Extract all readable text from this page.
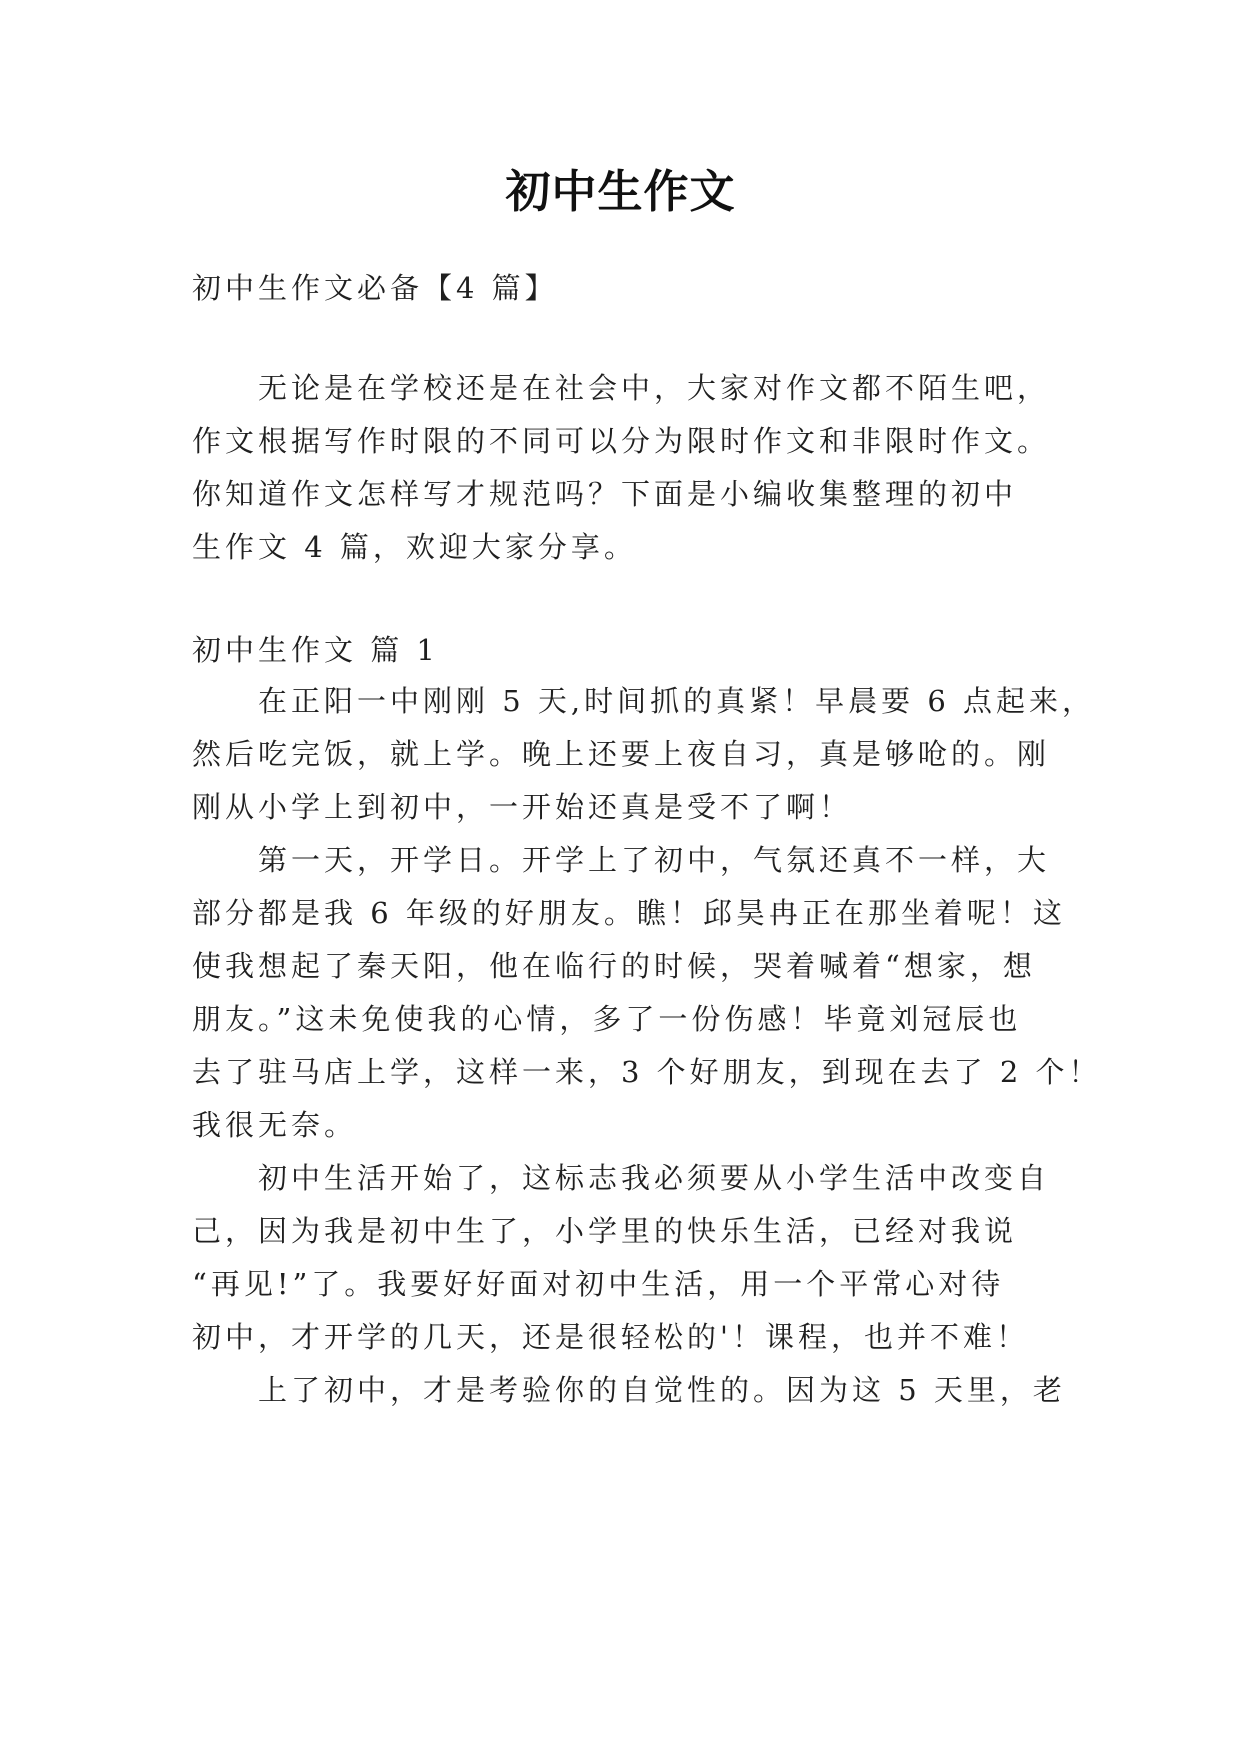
初中生作文
初中生作文必备【4 篇】
　　无论是在学校还是在社会中，大家对作文都不陌生吧，
作文根据写作时限的不同可以分为限时作文和非限时作文。
你知道作文怎样写才规范吗？下面是小编收集整理的初中
生作文 4 篇，欢迎大家分享。
初中生作文 篇 1
　　在正阳一中刚刚 5 天,时间抓的真紧！早晨要 6 点起来，
然后吃完饭，就上学。晚上还要上夜自习，真是够呛的。刚
刚从小学上到初中，一开始还真是受不了啊！
　　第一天，开学日。开学上了初中，气氛还真不一样，大
部分都是我 6 年级的好朋友。瞧！邱昊冉正在那坐着呢！这
使我想起了秦天阳，他在临行的时候，哭着喊着“想家，想
朋友。”这未免使我的心情，多了一份伤感！毕竟刘冠辰也
去了驻马店上学，这样一来，3 个好朋友，到现在去了 2 个！
我很无奈。
　　初中生活开始了，这标志我必须要从小学生活中改变自
己，因为我是初中生了，小学里的快乐生活，已经对我说
“再见!”了。我要好好面对初中生活，用一个平常心对待
初中，才开学的几天，还是很轻松的'！课程，也并不难！
　　上了初中，才是考验你的自觉性的。因为这 5 天里，老
